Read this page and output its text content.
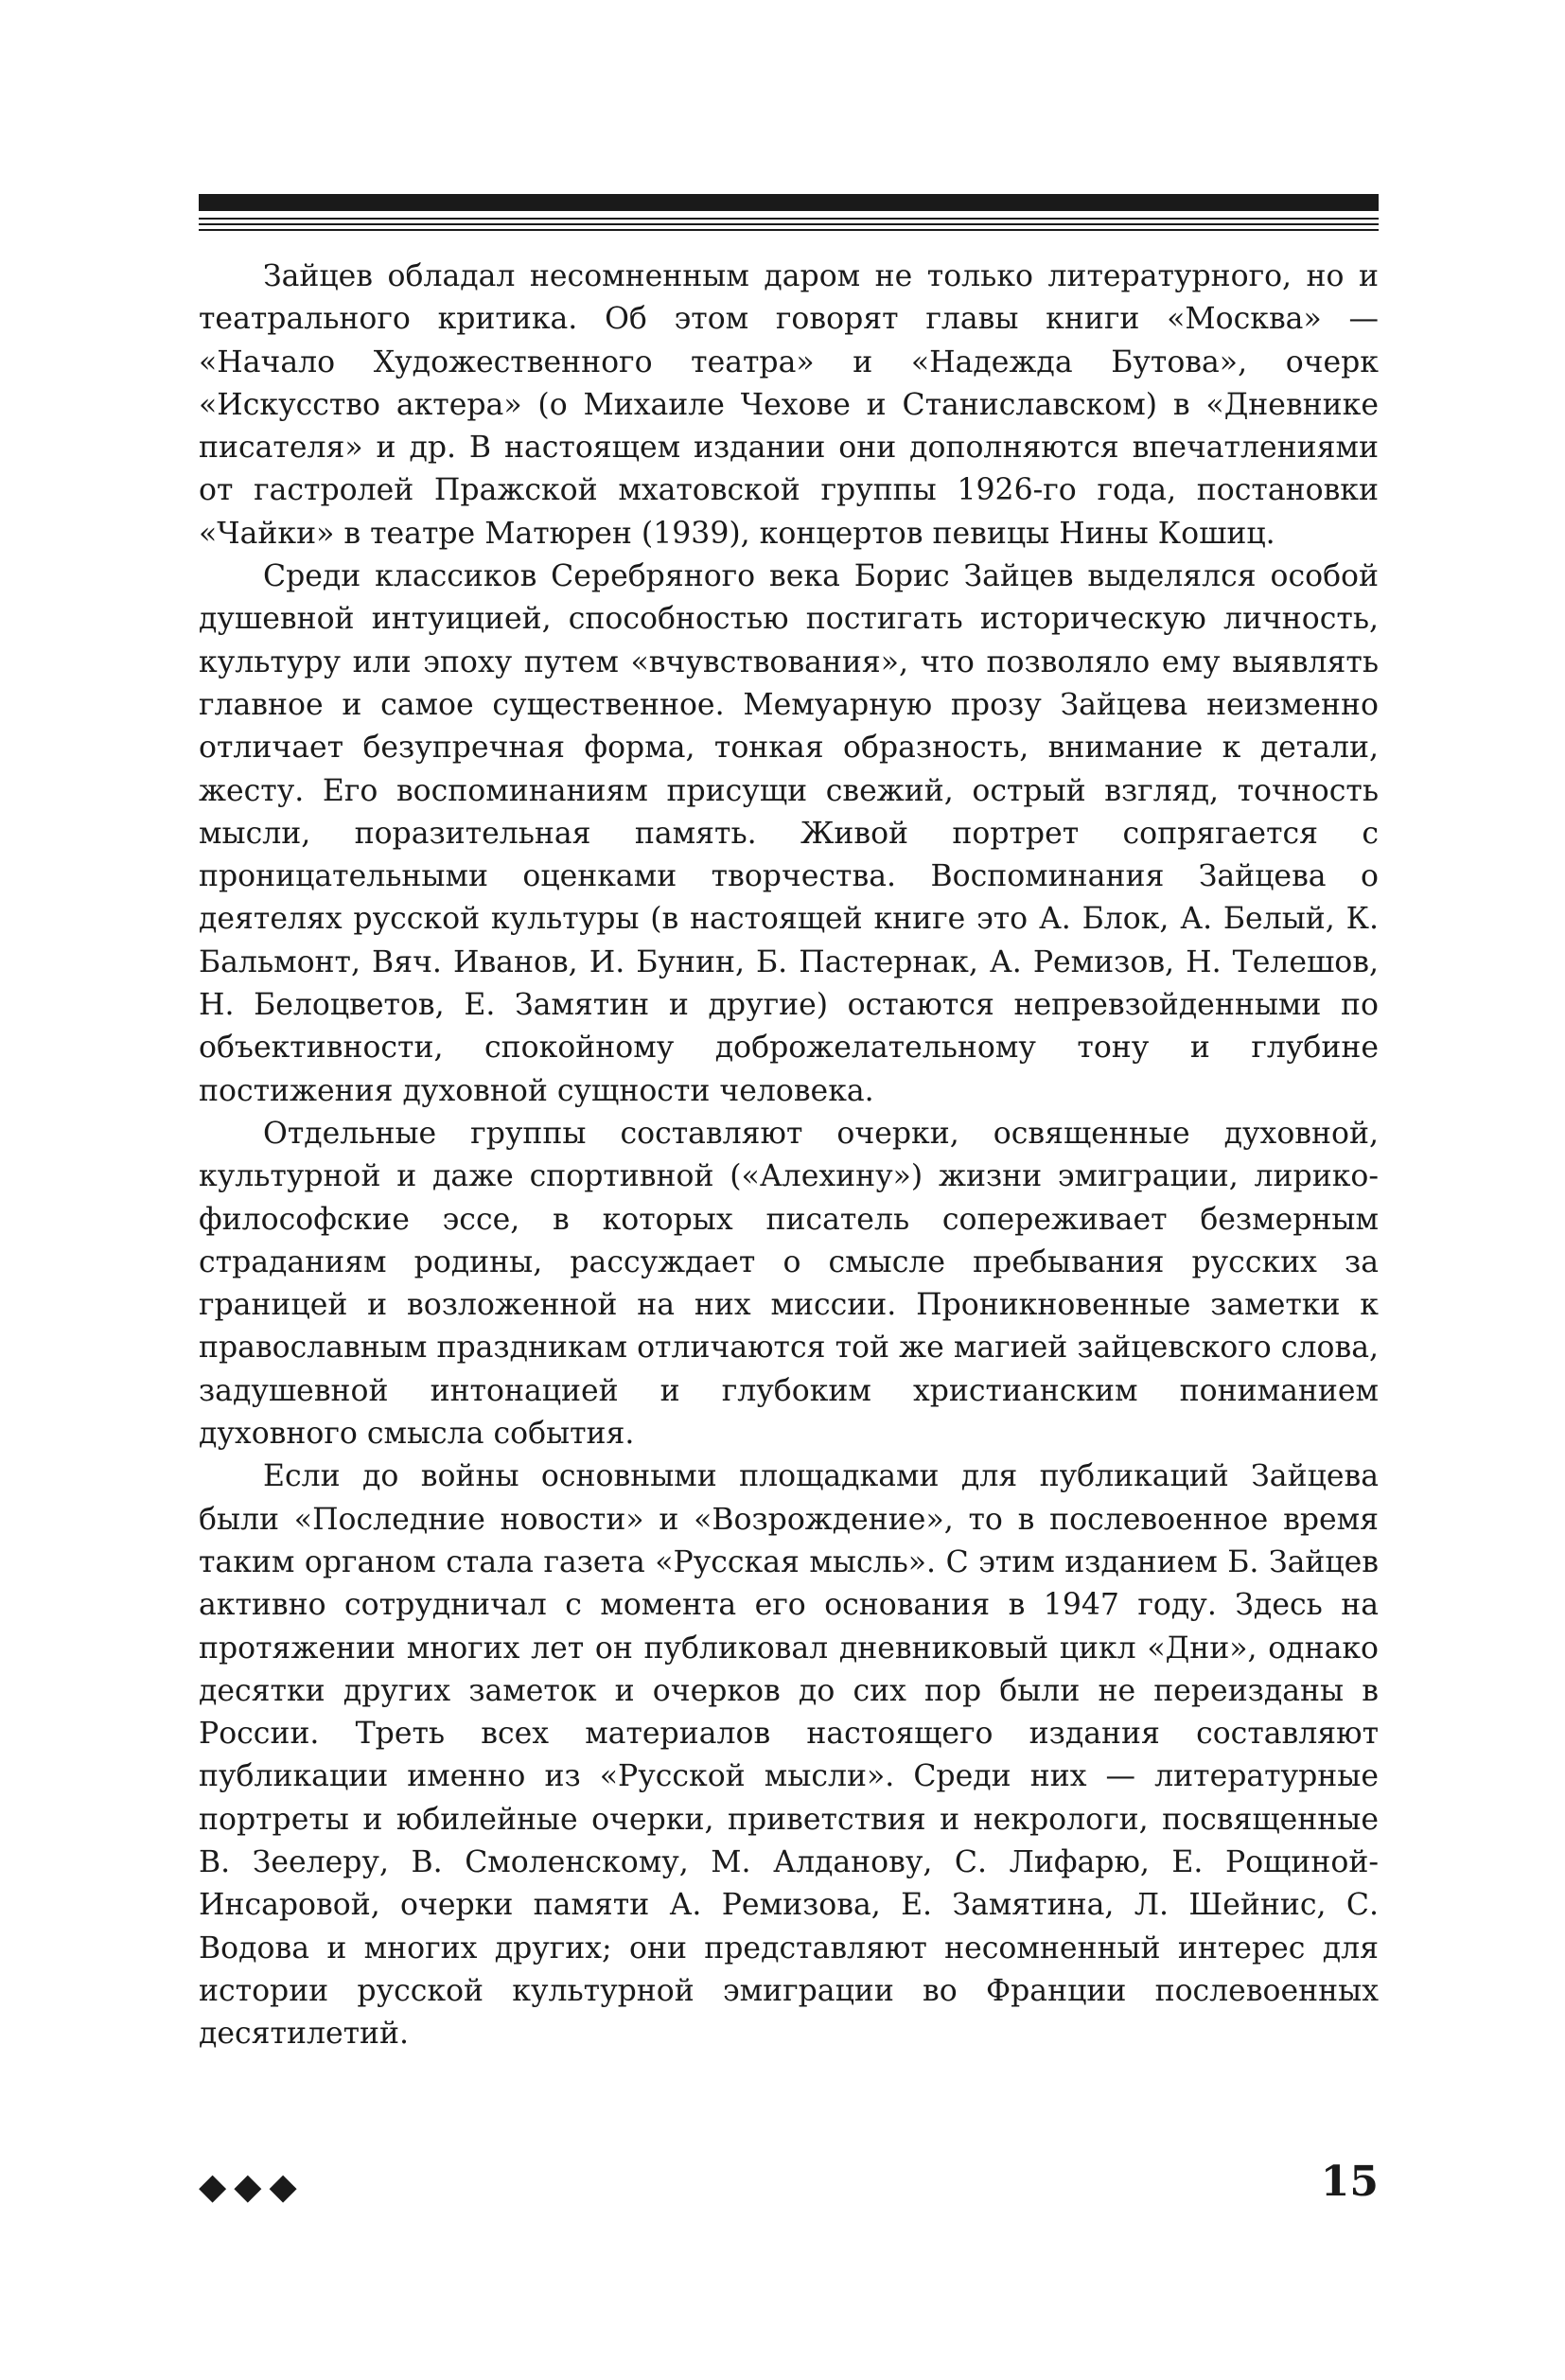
Зайцев обладал несомненным даром не только литературного, но и театрального критика. Об этом говорят главы книги «Москва» — «Начало Художественного театра» и «Надежда Бутова», очерк «Искусство актера» (о Михаиле Чехове и Станиславском) в «Дневнике писателя» и др. В настоящем издании они дополняются впечатлениями от гастролей Пражской мхатовской группы 1926-го года, постановки «Чайки» в театре Матюрен (1939), концертов певицы Нины Кошиц.

Среди классиков Серебряного века Борис Зайцев выделялся особой душевной интуицией, способностью постигать историческую личность, культуру или эпоху путем «вчувствования», что позволяло ему выявлять главное и самое существенное. Мемуарную прозу Зайцева неизменно отличает безупречная форма, тонкая образность, внимание к детали, жесту. Его воспоминаниям присущи свежий, острый взгляд, точность мысли, поразительная память. Живой портрет сопрягается с проницательными оценками творчества. Воспоминания Зайцева о деятелях русской культуры (в настоящей книге это А. Блок, А. Белый, К. Бальмонт, Вяч. Иванов, И. Бунин, Б. Пастернак, А. Ремизов, Н. Телешов, Н. Белоцветов, Е. Замятин и другие) остаются непревзойденными по объективности, спокойному доброжелательному тону и глубине постижения духовной сущности человека.

Отдельные группы составляют очерки, освященные духовной, культурной и даже спортивной («Алехину») жизни эмиграции, лирико-философские эссе, в которых писатель сопереживает безмерным страданиям родины, рассуждает о смысле пребывания русских за границей и возложенной на них миссии. Проникновенные заметки к православным праздникам отличаются той же магией зайцевского слова, задушевной интонацией и глубоким христианским пониманием духовного смысла события.

Если до войны основными площадками для публикаций Зайцева были «Последние новости» и «Возрождение», то в послевоенное время таким органом стала газета «Русская мысль». С этим изданием Б. Зайцев активно сотрудничал с момента его основания в 1947 году. Здесь на протяжении многих лет он публиковал дневниковый цикл «Дни», однако десятки других заметок и очерков до сих пор были не переизданы в России. Треть всех материалов настоящего издания составляют публикации именно из «Русской мысли». Среди них — литературные портреты и юбилейные очерки, приветствия и некрологи, посвященные В. Зеелеру, В. Смоленскому, М. Алданову, С. Лифарю, Е. Рощиной-Инсаровой, очерки памяти А. Ремизова, Е. Замятина, Л. Шейнис, С. Водова и многих других; они представляют несомненный интерес для истории русской культурной эмиграции во Франции послевоенных десятилетий.

◆◆◆	15
